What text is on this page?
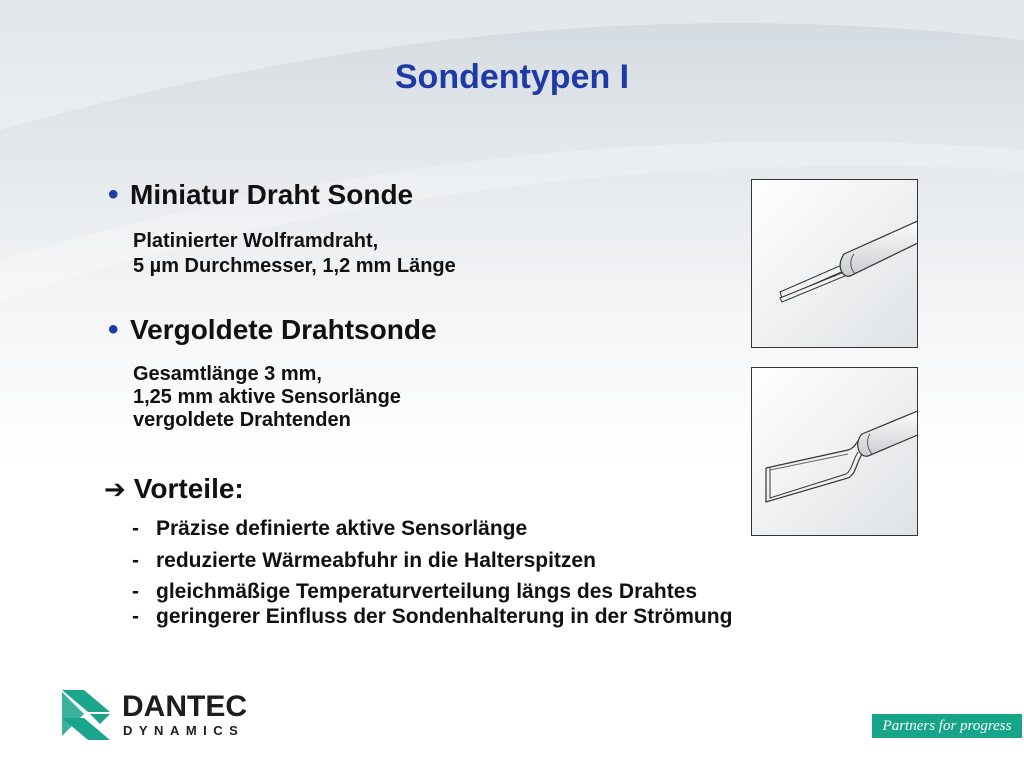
Sondentypen I
• Miniatur Draht Sonde
Platinierter Wolframdraht,
5 µm Durchmesser, 1,2 mm Länge
• Vergoldete Drahtsonde
Gesamtlänge 3 mm,
1,25 mm aktive Sensorlänge
vergoldete Drahtenden
➔ Vorteile:
- Präzise definierte aktive Sensorlänge
- reduzierte Wärmeabfuhr in die Halterspitzen
- gleichmäßige Temperaturverteilung längs des Drahtes
- geringerer Einfluss der Sondenhalterung in der Strömung
DANTEC
DYNAMICS	Partners for progress
